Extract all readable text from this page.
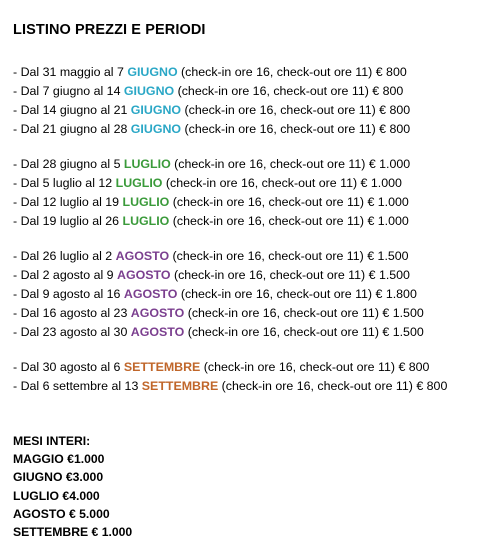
LISTINO PREZZI E PERIODI
- Dal 31 maggio al 7 GIUGNO (check-in ore 16, check-out ore 11) € 800
- Dal 7 giugno al 14 GIUGNO (check-in ore 16, check-out ore 11) € 800
- Dal 14 giugno al 21 GIUGNO (check-in ore 16, check-out ore 11) € 800
- Dal 21 giugno al 28 GIUGNO (check-in ore 16, check-out ore 11) € 800
- Dal 28 giugno al 5 LUGLIO (check-in ore 16, check-out ore 11) € 1.000
- Dal 5 luglio al 12 LUGLIO (check-in ore 16, check-out ore 11) € 1.000
- Dal 12 luglio al 19 LUGLIO (check-in ore 16, check-out ore 11) € 1.000
- Dal 19 luglio al 26 LUGLIO (check-in ore 16, check-out ore 11) € 1.000
- Dal 26 luglio al 2 AGOSTO (check-in ore 16, check-out ore 11) € 1.500
- Dal 2 agosto al 9 AGOSTO (check-in ore 16, check-out ore 11) € 1.500
- Dal 9 agosto al 16 AGOSTO (check-in ore 16, check-out ore 11) € 1.800
- Dal 16 agosto al 23 AGOSTO (check-in ore 16, check-out ore 11) € 1.500
- Dal 23 agosto al 30 AGOSTO (check-in ore 16, check-out ore 11) € 1.500
- Dal 30 agosto al 6 SETTEMBRE (check-in ore 16, check-out ore 11) € 800
- Dal 6 settembre al 13 SETTEMBRE (check-in ore 16, check-out ore 11) € 800
MESI INTERI:
MAGGIO €1.000
GIUGNO €3.000
LUGLIO €4.000
AGOSTO € 5.000
SETTEMBRE € 1.000
